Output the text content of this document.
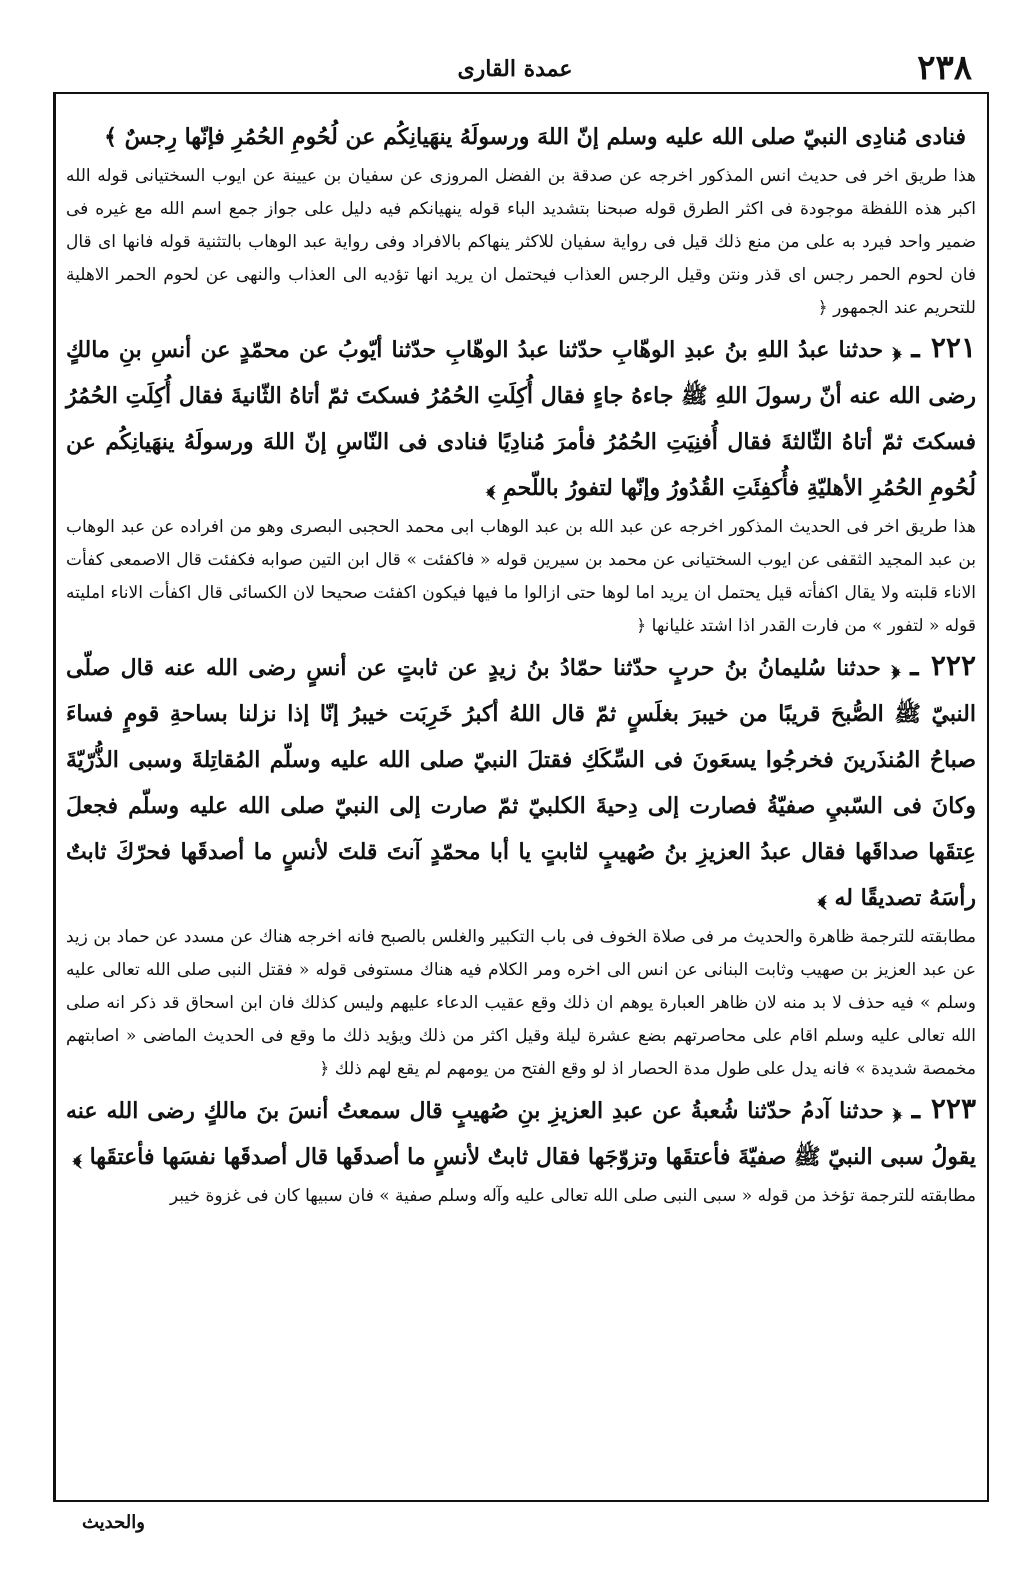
٢٣٨
عمدة القاری

فنادى مُنادِى النبيّ صلى الله عليه وسلم إنّ اللهَ ورسولَهُ ينهَيانِكُم عن لُحُومِ الحُمُرِ فإنّها رِجسٌ ﴾

هذا طريق اخر فى حديث انس المذكور اخرجه عن صدقة بن الفضل المروزى عن سفيان بن عيينة عن ايوب السختيانى قوله الله اكبر هذه اللفظة موجودة فى اكثر الطرق قوله صبحنا بتشديد الباء قوله ينهيانكم فيه دليل على جواز جمع اسم الله مع غيره فى ضمير واحد فيرد به على من منع ذلك قيل فى رواية سفيان للاكثر ينهاكم بالافراد وفى رواية عبد الوهاب بالتثنية قوله فانها اى قال فان لحوم الحمر رجس اى قذر ونتن وقيل الرجس العذاب فيحتمل ان يريد انها تؤديه الى العذاب والنهى عن لحوم الحمر الاهلية للتحريم عند الجمهور ﴿

٢٢١ ـ﴿ حدثنا عبدُ اللهِ بنُ عبدِ الوهّابِ حدّثنا عبدُ الوهّابِ حدّثنا أيّوبُ عن محمّدٍ عن أنسِ بنِ مالكٍ رضى الله عنه أنّ رسولَ اللهِ ﷺ جاءهُ جاءٍ فقال أُكِلَتِ الحُمُرُ فسكتَ ثمّ أتاهُ الثّانيةَ فقال أُكِلَتِ الحُمُرُ فسكتَ ثمّ أتاهُ الثّالثةَ فقال أُفنِيَتِ الحُمُرُ فأمرَ مُنادِيًا فنادى فى النّاسِ إنّ اللهَ ورسولَهُ ينهَيانِكُم عن لُحُومِ الحُمُرِ الأهليّةِ فأُكفِئَتِ القُدُورُ وإنّها لتفورُ باللّحمِ ﴾

هذا طريق اخر فى الحديث المذكور اخرجه عن عبد الله بن عبد الوهاب ابى محمد الحجبى البصرى وهو من افراده عن عبد الوهاب بن عبد المجيد الثقفى عن ايوب السختيانى عن محمد بن سيرين قوله « فاكفئت » قال ابن التين صوابه فكفئت قال الاصمعى كفأت الاناء قلبته ولا يقال اكفأته قيل يحتمل ان يريد اما لوها حتى ازالوا ما فيها فيكون اكفئت صحيحا لان الكسائى قال اكفأت الاناء امليته قوله « لتفور » من فارت القدر اذا اشتد غليانها ﴿

٢٢٢ ـ﴿ حدثنا سُليمانُ بنُ حربٍ حدّثنا حمّادُ بنُ زيدٍ عن ثابتٍ عن أنسٍ رضى الله عنه قال صلّى النبيّ ﷺ الصُّبحَ قريبًا من خيبرَ بغلَسٍ ثمّ قال اللهُ أكبرُ خَرِبَت خيبرُ إنّا إذا نزلنا بساحةِ قومٍ فساءَ صباحُ المُنذَرينَ فخرجُوا يسعَونَ فى السِّكَكِ فقتلَ النبيّ صلى الله عليه وسلّم المُقاتِلةَ وسبى الذُّرّيّةَ وكانَ فى السّبيِ صفيّةُ فصارت إلى دِحيةَ الكلبيّ ثمّ صارت إلى النبيّ صلى الله عليه وسلّم فجعلَ عِتقَها صداقَها فقال عبدُ العزيزِ بنُ صُهيبٍ لثابتٍ يا أبا محمّدٍ آنتَ قلتَ لأنسٍ ما أصدقَها فحرّكَ ثابتٌ رأسَهُ تصديقًا له ﴾

مطابقته للترجمة ظاهرة والحديث مر فى صلاة الخوف فى باب التكبير والغلس بالصبح فانه اخرجه هناك عن مسدد عن حماد بن زيد عن عبد العزيز بن صهيب وثابت البنانى عن انس الى اخره ومر الكلام فيه هناك مستوفى قوله « فقتل النبى صلى الله تعالى عليه وسلم » فيه حذف لا بد منه لان ظاهر العبارة يوهم ان ذلك وقع عقيب الدعاء عليهم وليس كذلك فان ابن اسحاق قد ذكر انه صلى الله تعالى عليه وسلم اقام على محاصرتهم بضع عشرة ليلة وقيل اكثر من ذلك ويؤيد ذلك ما وقع فى الحديث الماضى « اصابتهم مخمصة شديدة » فانه يدل على طول مدة الحصار اذ لو وقع الفتح من يومهم لم يقع لهم ذلك ﴿

٢٢٣ ـ﴿ حدثنا آدمُ حدّثنا شُعبةُ عن عبدِ العزيزِ بنِ صُهيبٍ قال سمعتُ أنسَ بنَ مالكٍ رضى الله عنه يقولُ سبى النبيّ ﷺ صفيّةَ فأعتقَها وتزوّجَها فقال ثابتٌ لأنسٍ ما أصدقَها قال أصدقَها نفسَها فأعتقَها ﴾

مطابقته للترجمة تؤخذ من قوله « سبى النبى صلى الله تعالى عليه وآله وسلم صفية » فان سبيها كان فى غزوة خيبر

والحديث
